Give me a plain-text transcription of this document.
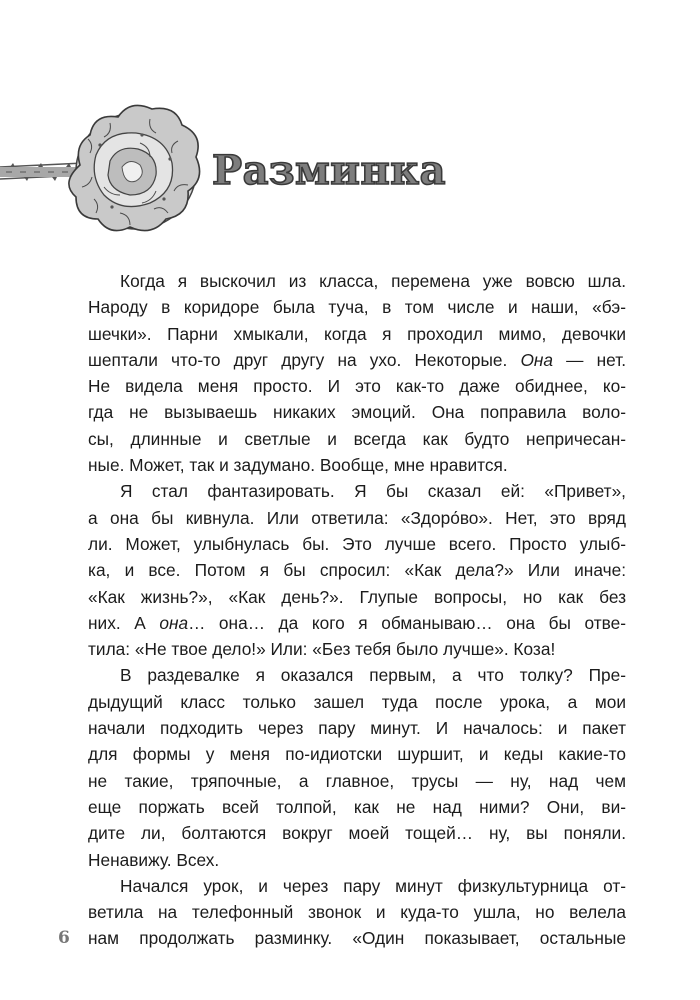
Разминка
Когда я выскочил из класса, перемена уже вовсю шла.
Народу в коридоре была туча, в том числе и наши, «бэ-
шечки». Парни хмыкали, когда я проходил мимо, девочки
шептали что-то друг другу на ухо. Некоторые. Она — нет.
Не видела меня просто. И это как-то даже обиднее, ко-
гда не вызываешь никаких эмоций. Она поправила воло-
сы, длинные и светлые и всегда как будто непричесан-
ные. Может, так и задумано. Вообще, мне нравится.
Я стал фантазировать. Я бы сказал ей: «Привет»,
а она бы кивнула. Или ответила: «Здоро́во». Нет, это вряд
ли. Может, улыбнулась бы. Это лучше всего. Просто улыб-
ка, и все. Потом я бы спросил: «Как дела?» Или иначе:
«Как жизнь?», «Как день?». Глупые вопросы, но как без
них. А она… она… да кого я обманываю… она бы отве-
тила: «Не твое дело!» Или: «Без тебя было лучше». Коза!
В раздевалке я оказался первым, а что толку? Пре-
дыдущий класс только зашел туда после урока, а мои
начали подходить через пару минут. И началось: и пакет
для формы у меня по-идиотски шуршит, и кеды какие-то
не такие, тряпочные, а главное, трусы — ну, над чем
еще поржать всей толпой, как не над ними? Они, ви-
дите ли, болтаются вокруг моей тощей… ну, вы поняли.
Ненавижу. Всех.
Начался урок, и через пару минут физкультурница от-
ветила на телефонный звонок и куда-то ушла, но велела
нам продолжать разминку. «Один показывает, остальные
6
